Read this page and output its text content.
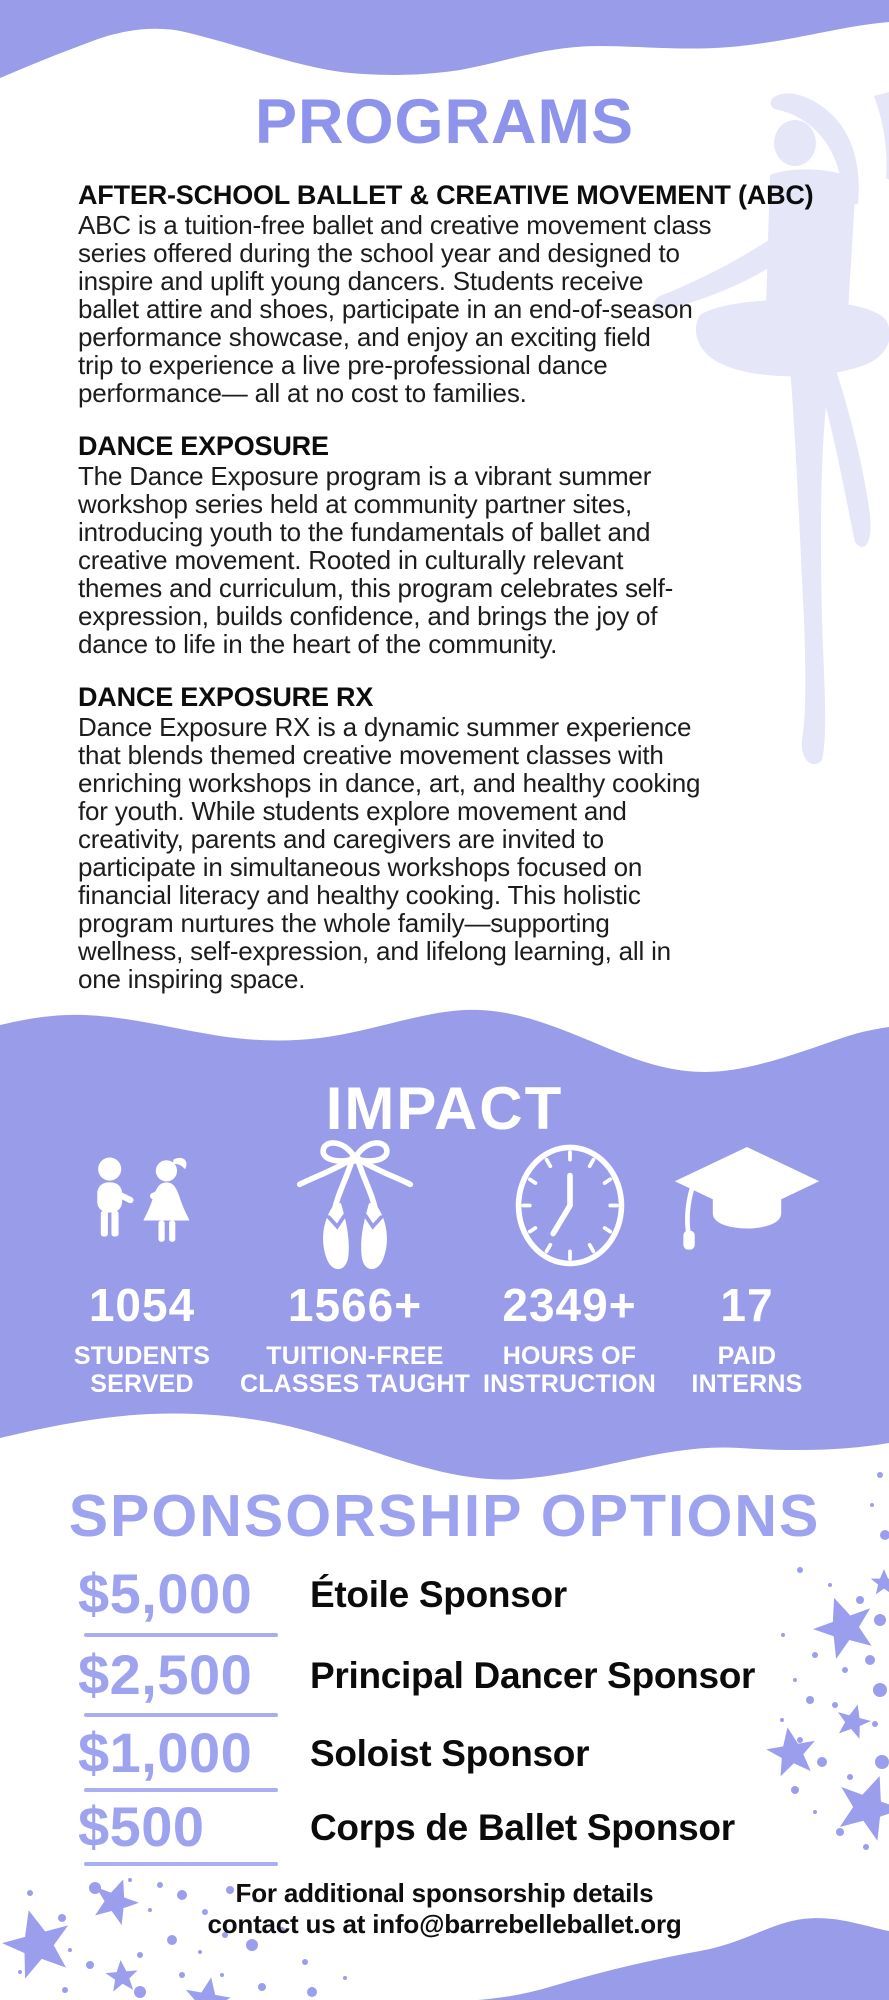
PROGRAMS
AFTER-SCHOOL BALLET & CREATIVE MOVEMENT (ABC)
ABC is a tuition-free ballet and creative movement class
series offered during the school year and designed to
inspire and uplift young dancers. Students receive
ballet attire and shoes, participate in an end-of-season
performance showcase, and enjoy an exciting field
trip to experience a live pre-professional dance
performance— all at no cost to families.
DANCE EXPOSURE
The Dance Exposure program is a vibrant summer
workshop series held at community partner sites,
introducing youth to the fundamentals of ballet and
creative movement. Rooted in culturally relevant
themes and curriculum, this program celebrates self-
expression, builds confidence, and brings the joy of
dance to life in the heart of the community.
DANCE EXPOSURE RX
Dance Exposure RX is a dynamic summer experience
that blends themed creative movement classes with
enriching workshops in dance, art, and healthy cooking
for youth. While students explore movement and
creativity, parents and caregivers are invited to
participate in simultaneous workshops focused on
financial literacy and healthy cooking. This holistic
program nurtures the whole family—supporting
wellness, self-expression, and lifelong learning, all in
one inspiring space.
IMPACT
1054
STUDENTS
SERVED
1566+
TUITION-FREE
CLASSES TAUGHT
2349+
HOURS OF
INSTRUCTION
17
PAID
INTERNS
SPONSORSHIP OPTIONS
$5,000 Étoile Sponsor
$2,500 Principal Dancer Sponsor
$1,000 Soloist Sponsor
$500	Corps de Ballet Sponsor
For additional sponsorship details
contact us at info@barrebelleballet.org
